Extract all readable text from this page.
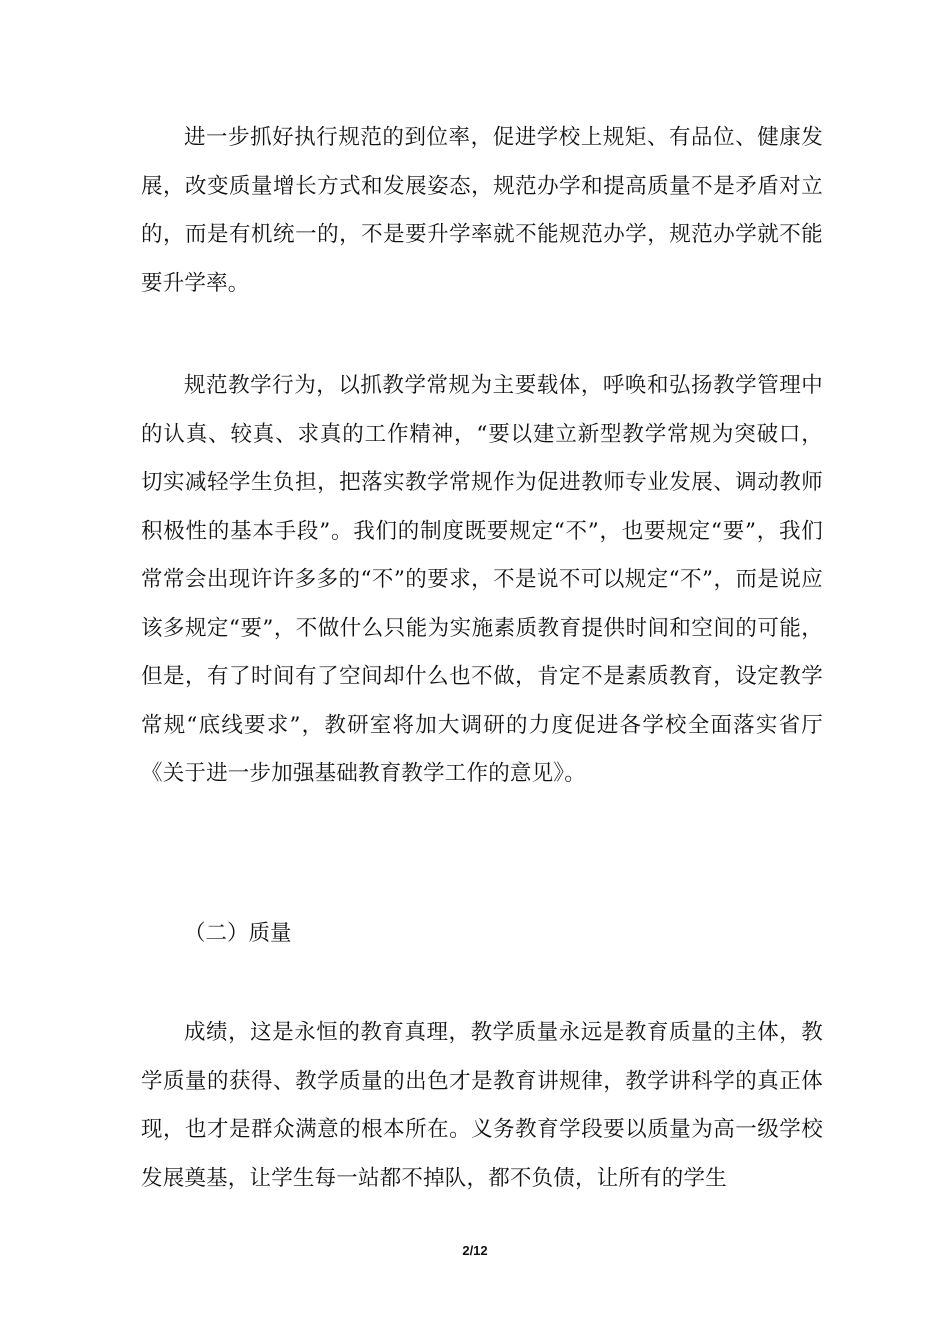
进一步抓好执行规范的到位率，促进学校上规矩、有品位、健康发展，改变质量增长方式和发展姿态，规范办学和提高质量不是矛盾对立的，而是有机统一的，不是要升学率就不能规范办学，规范办学就不能要升学率。

规范教学行为，以抓教学常规为主要载体，呼唤和弘扬教学管理中的认真、较真、求真的工作精神，“要以建立新型教学常规为突破口，切实减轻学生负担，把落实教学常规作为促进教师专业发展、调动教师积极性的基本手段”。我们的制度既要规定“不”，也要规定“要”，我们常常会出现许许多多的“不”的要求，不是说不可以规定“不”，而是说应该多规定“要”，不做什么只能为实施素质教育提供时间和空间的可能，但是，有了时间有了空间却什么也不做，肯定不是素质教育，设定教学常规“底线要求”，教研室将加大调研的力度促进各学校全面落实省厅《关于进一步加强基础教育教学工作的意见》。

（二）质量

成绩，这是永恒的教育真理，教学质量永远是教育质量的主体，教学质量的获得、教学质量的出色才是教育讲规律，教学讲科学的真正体现，也才是群众满意的根本所在。义务教育学段要以质量为高一级学校发展奠基，让学生每一站都不掉队，都不负债，让所有的学生

2/12
